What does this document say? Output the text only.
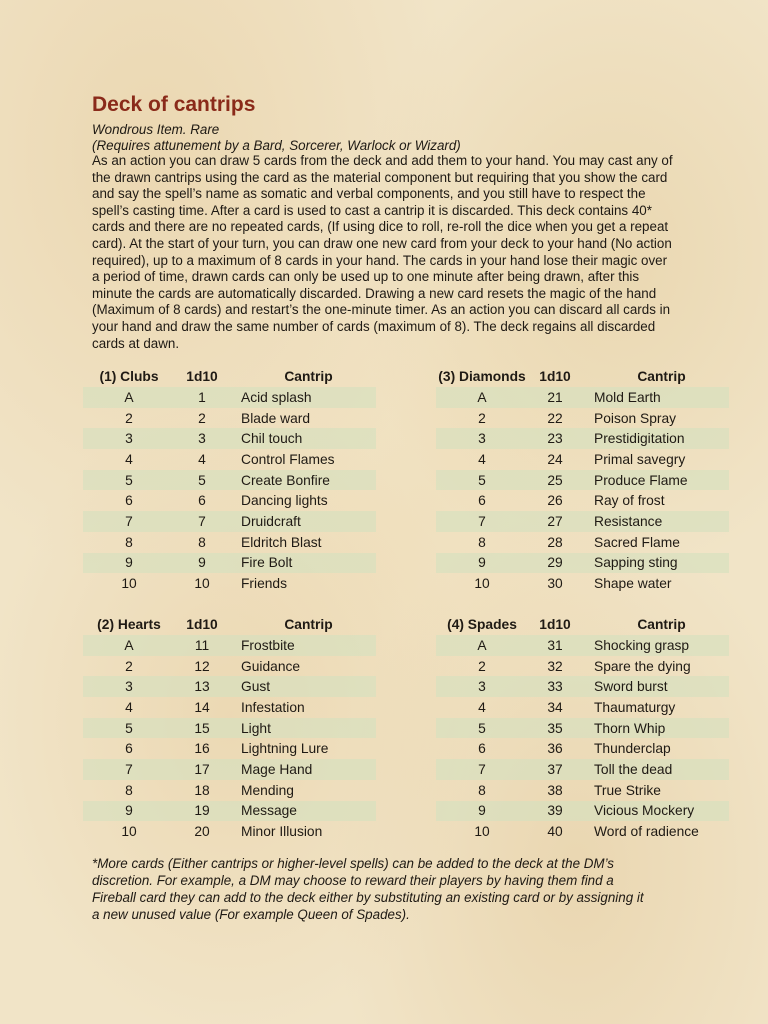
Deck of cantrips

Wondrous Item. Rare

(Requires attunement by a Bard, Sorcerer, Warlock or Wizard)

As an action you can draw 5 cards from the deck and add them to your hand. You may cast any of the drawn cantrips using the card as the material component but requiring that you show the card and say the spell’s name as somatic and verbal components, and you still have to respect the spell’s casting time. After a card is used to cast a cantrip it is discarded. This deck contains 40* cards and there are no repeated cards, (If using dice to roll, re-roll the dice when you get a repeat card). At the start of your turn, you can draw one new card from your deck to your hand (No action required), up to a maximum of 8 cards in your hand. The cards in your hand lose their magic over a period of time, drawn cards can only be used up to one minute after being drawn, after this minute the cards are automatically discarded. Drawing a new card resets the magic of the hand (Maximum of 8 cards) and restart’s the one-minute timer. As an action you can discard all cards in your hand and draw the same number of cards (maximum of 8). The deck regains all discarded cards at dawn.

(1) Clubs	1d10		Cantrip
A	1		Acid splash
2	2		Blade ward
3	3		Chil touch
4	4		Control Flames
5	5		Create Bonfire
6	6		Dancing lights
7	7		Druidcraft
8	8		Eldritch Blast
9	9		Fire Bolt
10	10		Friends
(3) Diamonds	1d10		Cantrip
A	21		Mold Earth
2	22		Poison Spray
3	23		Prestidigitation
4	24		Primal savegry
5	25		Produce Flame
6	26		Ray of frost
7	27		Resistance
8	28		Sacred Flame
9	29		Sapping sting
10	30		Shape water
(2) Hearts	1d10		Cantrip
A	11		Frostbite
2	12		Guidance
3	13		Gust
4	14		Infestation
5	15		Light
6	16		Lightning Lure
7	17		Mage Hand
8	18		Mending
9	19		Message
10	20		Minor Illusion
(4) Spades	1d10		Cantrip
A	31		Shocking grasp
2	32		Spare the dying
3	33		Sword burst
4	34		Thaumaturgy
5	35		Thorn Whip
6	36		Thunderclap
7	37		Toll the dead
8	38		True Strike
9	39		Vicious Mockery
10	40		Word of radience

*More cards (Either cantrips or higher-level spells) can be added to the deck at the DM’s discretion. For example, a DM may choose to reward their players by having them find a Fireball card they can add to the deck either by substituting an existing card or by assigning it a new unused value (For example Queen of Spades).
